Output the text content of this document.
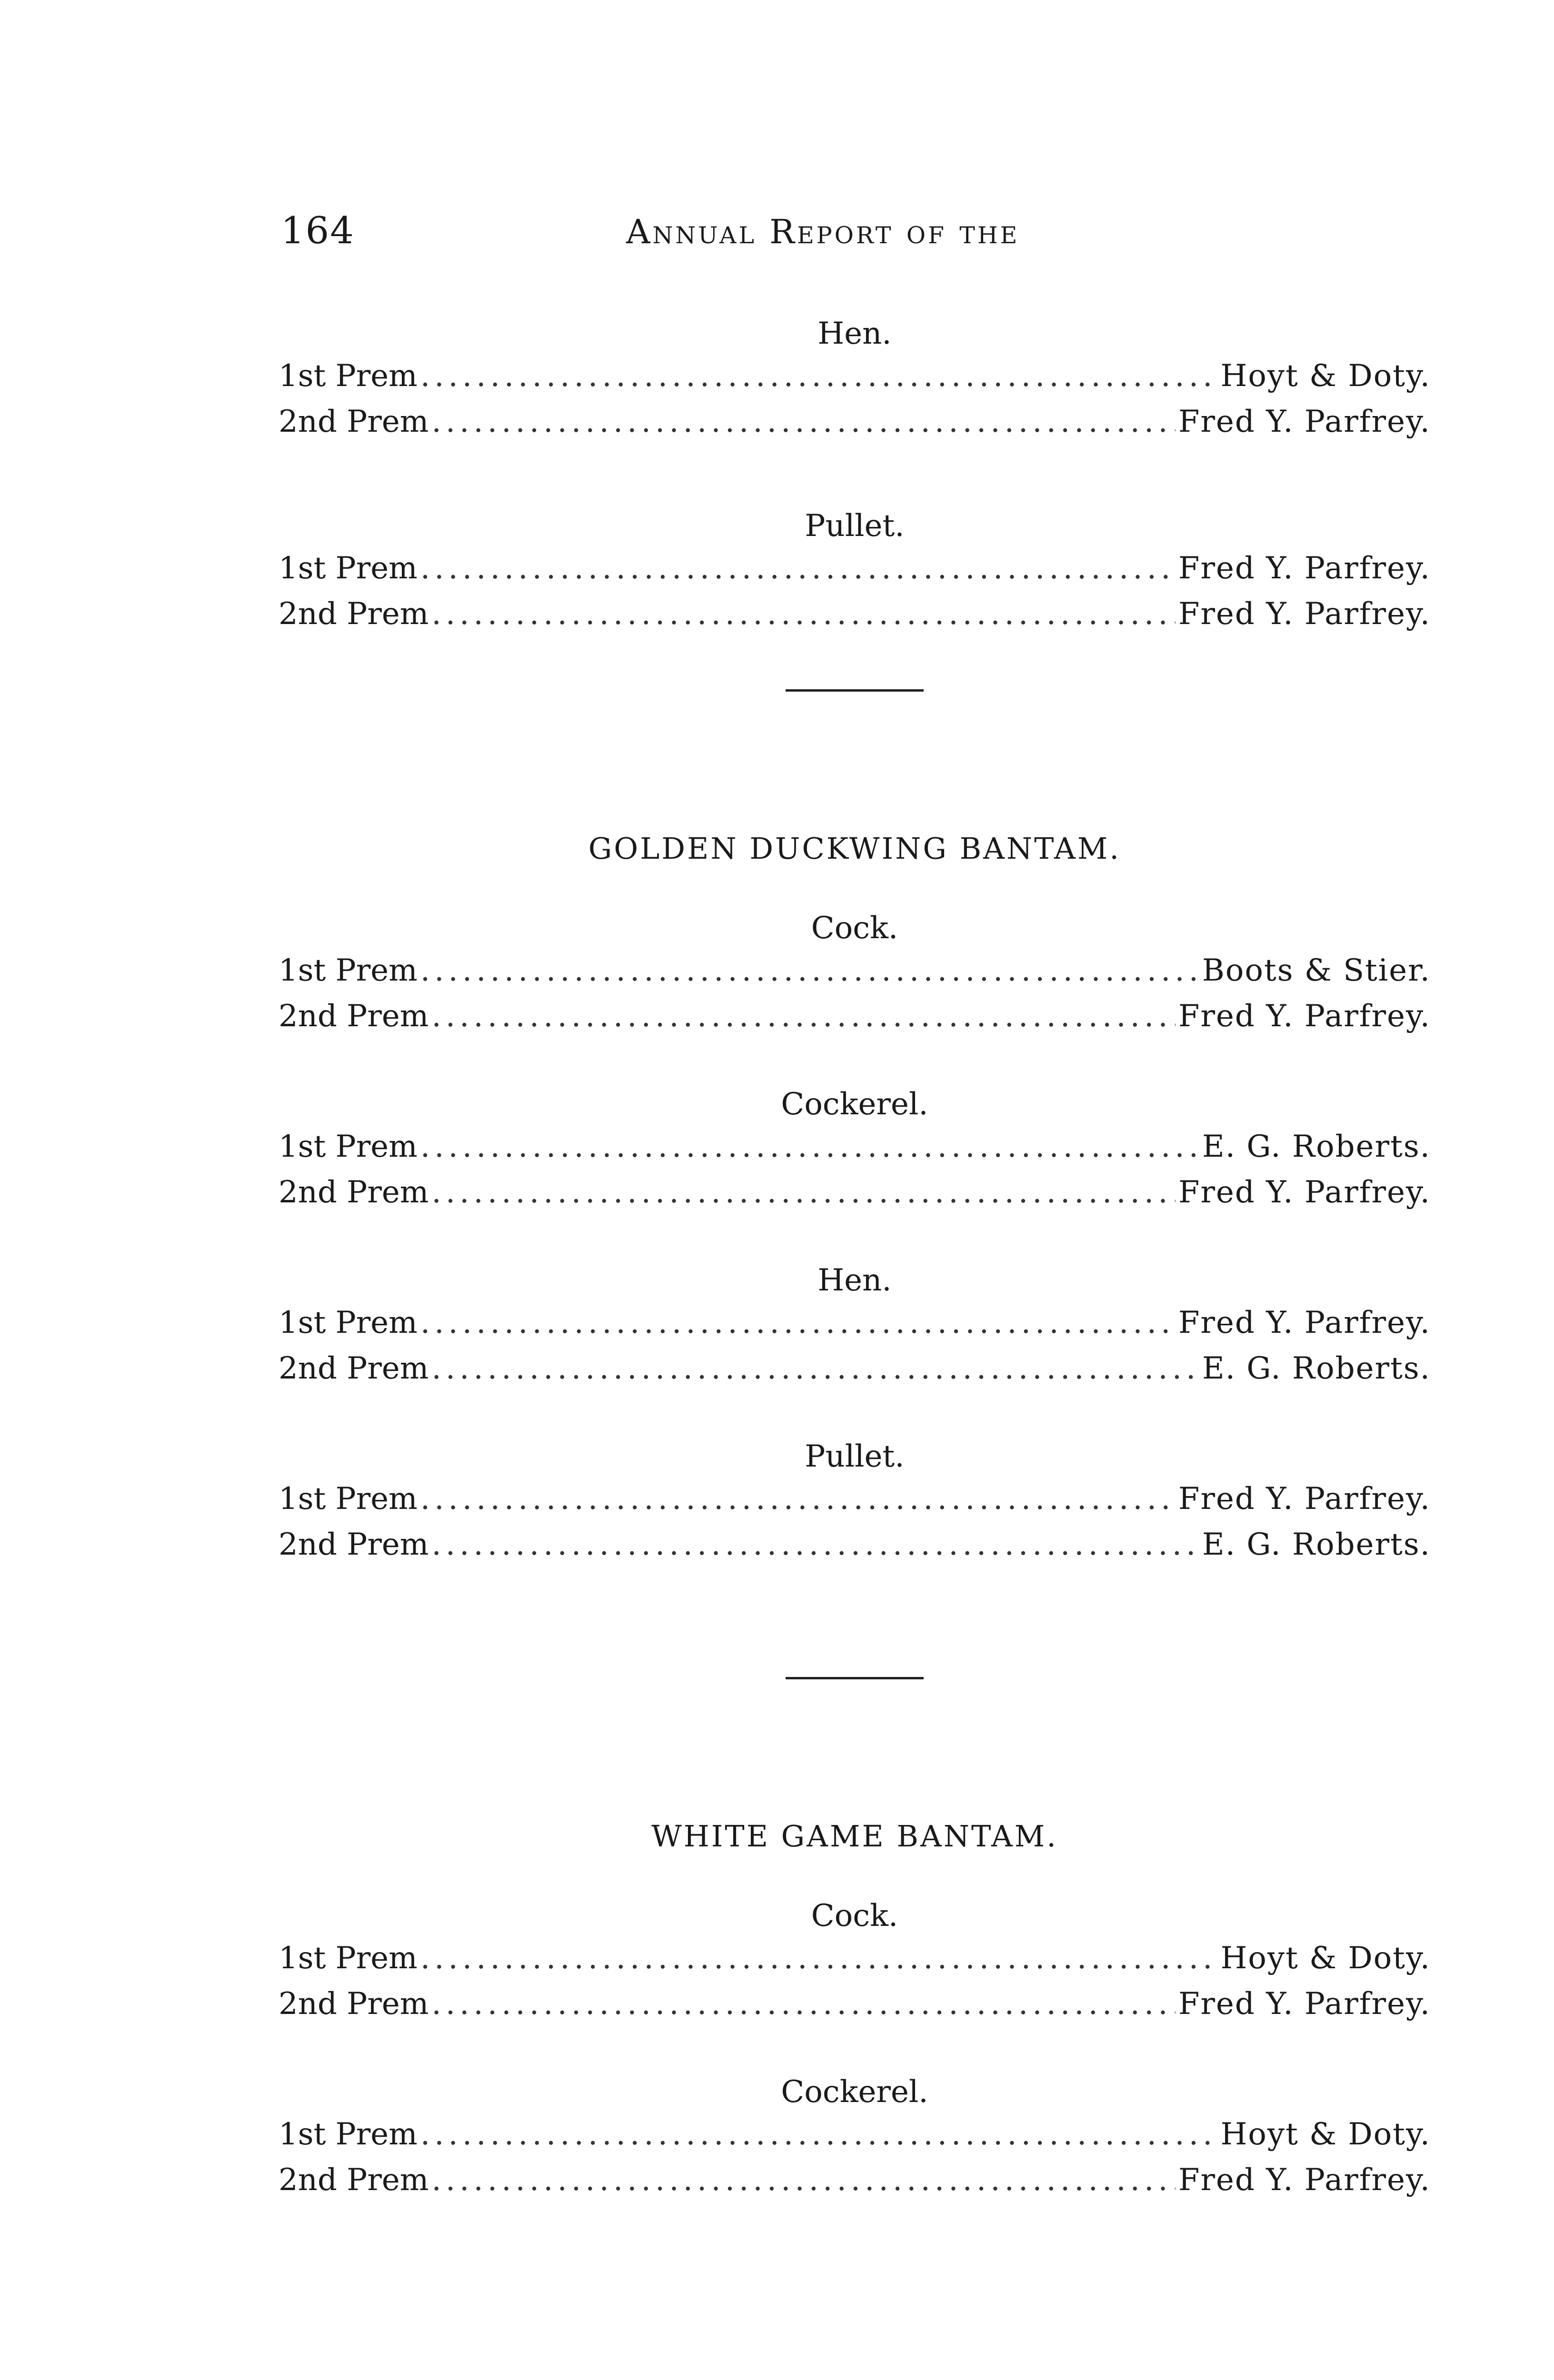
164	Annual Report of the
Hen.
1st Prem .....	Hoyt & Doty.
2nd Prem .....	Fred Y. Parfrey.
Pullet.
1st Prem .....	Fred Y. Parfrey.
2nd Prem .....	Fred Y. Parfrey.
GOLDEN DUCKWING BANTAM.
Cock.
1st Prem .....	Boots & Stier.
2nd Prem .....	Fred Y. Parfrey.
Cockerel.
1st Prem .....	E. G. Roberts.
2nd Prem .....	Fred Y. Parfrey.
Hen.
1st Prem .....	Fred Y. Parfrey.
2nd Prem .....	E. G. Roberts.
Pullet.
1st Prem .....	Fred Y. Parfrey.
2nd Prem .....	E. G. Roberts.
WHITE GAME BANTAM.
Cock.
1st Prem .....	Hoyt & Doty.
2nd Prem .....	Fred Y. Parfrey.
Cockerel.
1st Prem .....	Hoyt & Doty.
2nd Prem .....	Fred Y. Parfrey.
